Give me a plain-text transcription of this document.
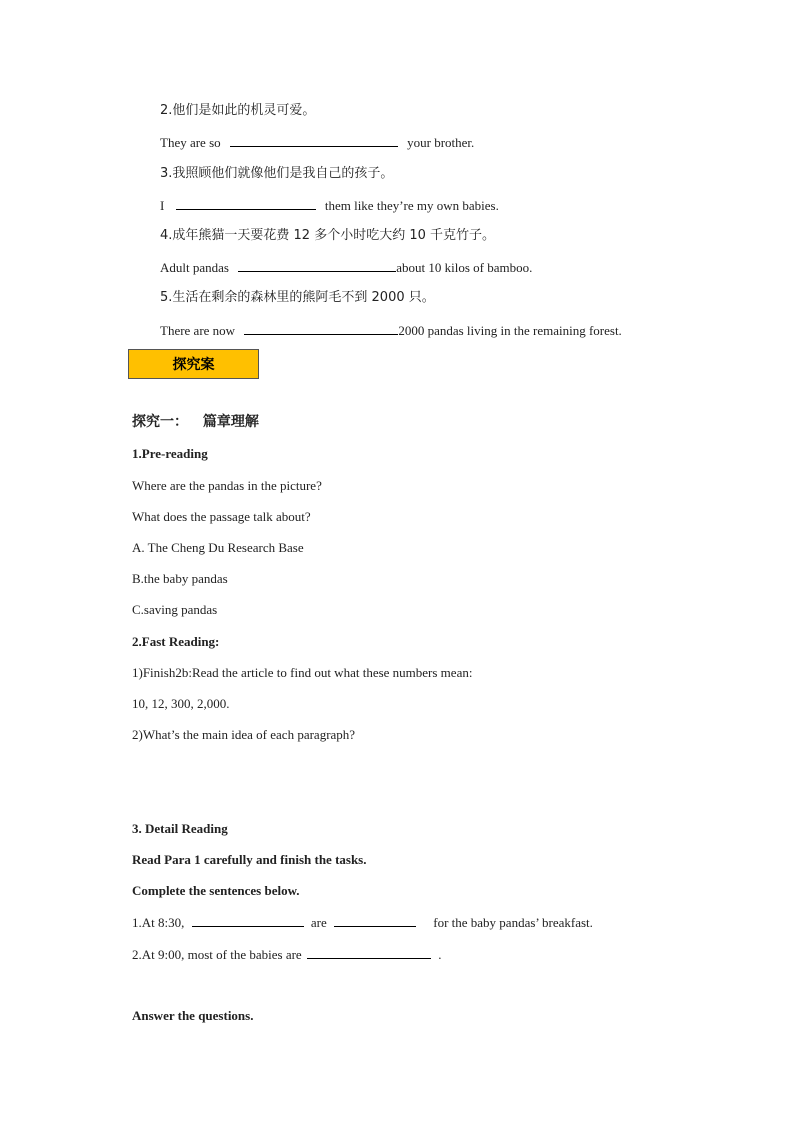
2.他们是如此的机灵可爱。
They are so	your brother.
3.我照顾他们就像他们是我自己的孩子。
I	them like they’re my own babies.
4.成年熊猫一天要花费 12 多个小时吃大约 10 千克竹子。
Adult pandas	about 10 kilos of bamboo.
5.生活在剩余的森林里的熊阿毛不到 2000 只。
There are now	2000 pandas living in the remaining forest.
探究案
探究一： 篇章理解
1.Pre-reading
Where are the pandas in the picture?
What does the passage talk about?
A. The Cheng Du Research Base
B.the baby pandas
C.saving pandas
2.Fast Reading:
1)Finish2b:Read the article to find out what these numbers mean:
10, 12, 300, 2,000.
2)What’s the main idea of each paragraph?
3. Detail Reading
Read Para 1 carefully and finish the tasks.
Complete the sentences below.
1.At 8:30,	are	for the baby pandas’ breakfast.
2.At 9:00, most of the babies are	.
Answer the questions.
